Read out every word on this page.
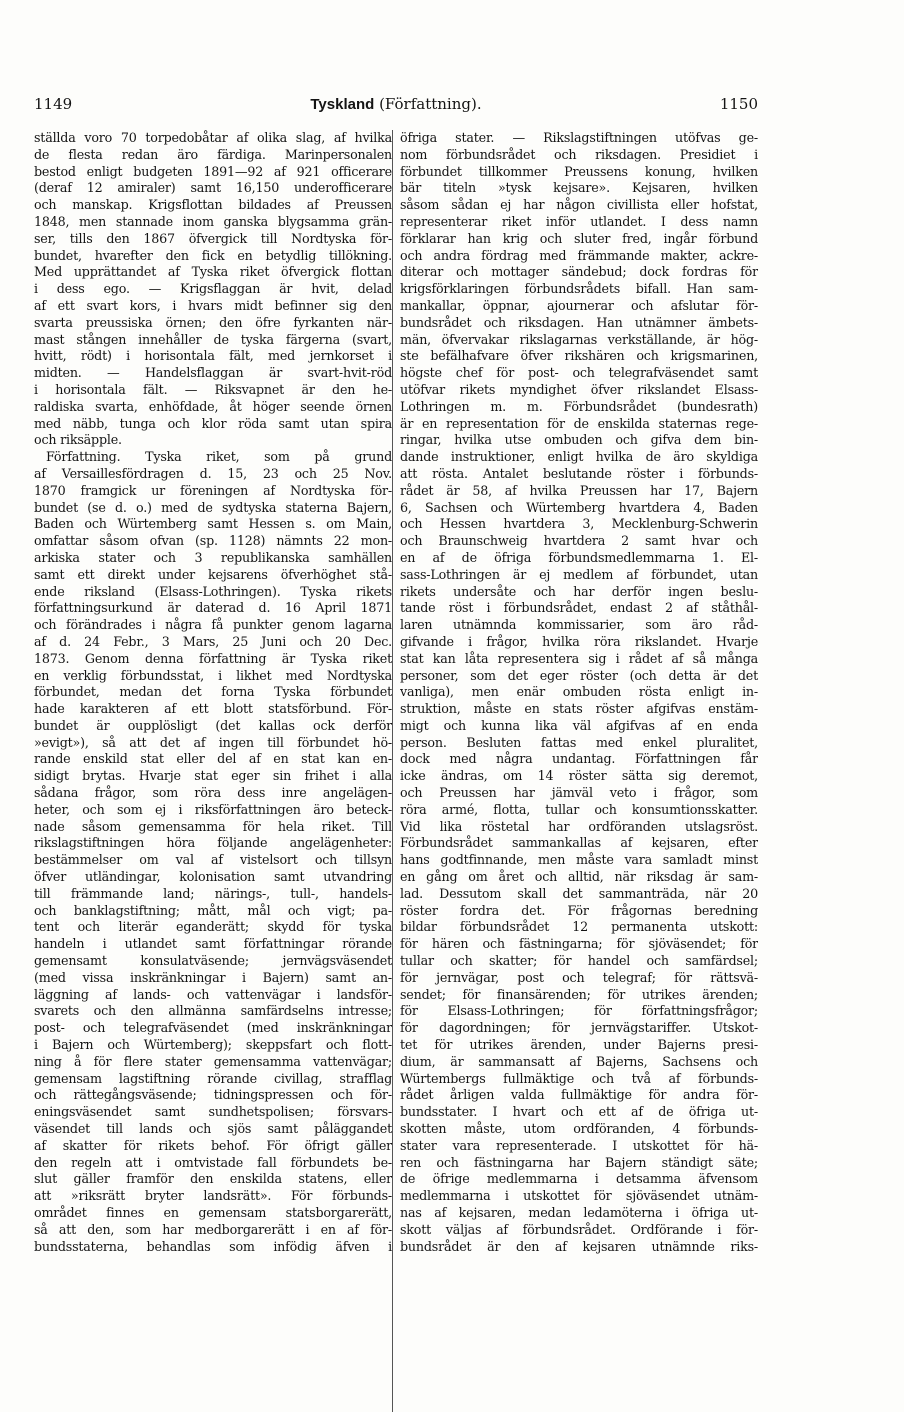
1149	Tyskland (Författning).	1150
ställda voro 70 torpedobåtar af olika slag, af hvilka
de flesta redan äro färdiga. Marinpersonalen
bestod enligt budgeten 1891—92 af 921 officerare
(deraf 12 amiraler) samt 16,150 underofficerare
och manskap. Krigsflottan bildades af Preussen
1848, men stannade inom ganska blygsamma grän-
ser, tills den 1867 öfvergick till Nordtyska för-
bundet, hvarefter den fick en betydlig tillökning.
Med upprättandet af Tyska riket öfvergick flottan
i dess ego. — Krigsflaggan är hvit, delad
af ett svart kors, i hvars midt befinner sig den
svarta preussiska örnen; den öfre fyrkanten när-
mast stången innehåller de tyska färgerna (svart,
hvitt, rödt) i horisontala fält, med jernkorset i
midten. — Handelsflaggan är svart-hvit-röd
i horisontala fält. — Riksvapnet är den he-
raldiska svarta, enhöfdade, åt höger seende örnen
med näbb, tunga och klor röda samt utan spira
och riksäpple.
Författning. Tyska riket, som på grund
af Versaillesfördragen d. 15, 23 och 25 Nov.
1870 framgick ur föreningen af Nordtyska för-
bundet (se d. o.) med de sydtyska staterna Bajern,
Baden och Würtemberg samt Hessen s. om Main,
omfattar såsom ofvan (sp. 1128) nämnts 22 mon-
arkiska stater och 3 republikanska samhällen
samt ett direkt under kejsarens öfverhöghet stå-
ende riksland (Elsass-Lothringen). Tyska rikets
författningsurkund är daterad d. 16 April 1871
och förändrades i några få punkter genom lagarna
af d. 24 Febr., 3 Mars, 25 Juni och 20 Dec.
1873. Genom denna författning är Tyska riket
en verklig förbundsstat, i likhet med Nordtyska
förbundet, medan det forna Tyska förbundet
hade karakteren af ett blott statsförbund. För-
bundet är oupplösligt (det kallas ock derför
»evigt»), så att det af ingen till förbundet hö-
rande enskild stat eller del af en stat kan en-
sidigt brytas. Hvarje stat eger sin frihet i alla
sådana frågor, som röra dess inre angelägen-
heter, och som ej i riksförfattningen äro beteck-
nade såsom gemensamma för hela riket. Till
rikslagstiftningen höra följande angelägenheter:
bestämmelser om val af vistelsort och tillsyn
öfver utländingar, kolonisation samt utvandring
till främmande land; närings-, tull-, handels-
och banklagstiftning; mått, mål och vigt; pa-
tent och literär eganderätt; skydd för tyska
handeln i utlandet samt författningar rörande
gemensamt konsulatväsende; jernvägsväsendet
(med vissa inskränkningar i Bajern) samt an-
läggning af lands- och vattenvägar i landsför-
svarets och den allmänna samfärdselns intresse;
post- och telegrafväsendet (med inskränkningar
i Bajern och Würtemberg); skeppsfart och flott-
ning å för flere stater gemensamma vattenvägar;
gemensam lagstiftning rörande civillag, strafflag
och rättegångsväsende; tidningspressen och för-
eningsväsendet samt sundhetspolisen; försvars-
väsendet till lands och sjös samt påläggandet
af skatter för rikets behof. För öfrigt gäller
den regeln att i omtvistade fall förbundets be-
slut gäller framför den enskilda statens, eller
att »riksrätt bryter landsrätt». För förbunds-
området finnes en gemensam statsborgarerätt,
så att den, som har medborgarerätt i en af för-
bundsstaterna, behandlas som infödig äfven i
öfriga stater. — Rikslagstiftningen utöfvas ge-
nom förbundsrådet och riksdagen. Presidiet i
förbundet tillkommer Preussens konung, hvilken
bär titeln »tysk kejsare». Kejsaren, hvilken
såsom sådan ej har någon civillista eller hofstat,
representerar riket inför utlandet. I dess namn
förklarar han krig och sluter fred, ingår förbund
och andra fördrag med främmande makter, ackre-
diterar och mottager sändebud; dock fordras för
krigsförklaringen förbundsrådets bifall. Han sam-
mankallar, öppnar, ajournerar och afslutar för-
bundsrådet och riksdagen. Han utnämner ämbets-
män, öfvervakar rikslagarnas verkställande, är hög-
ste befälhafvare öfver rikshären och krigsmarinen,
högste chef för post- och telegrafväsendet samt
utöfvar rikets myndighet öfver rikslandet Elsass-
Lothringen m. m. Förbundsrådet (bundesrath)
är en representation för de enskilda staternas rege-
ringar, hvilka utse ombuden och gifva dem bin-
dande instruktioner, enligt hvilka de äro skyldiga
att rösta. Antalet beslutande röster i förbunds-
rådet är 58, af hvilka Preussen har 17, Bajern
6, Sachsen och Würtemberg hvartdera 4, Baden
och Hessen hvartdera 3, Mecklenburg-Schwerin
och Braunschweig hvartdera 2 samt hvar och
en af de öfriga förbundsmedlemmarna 1. El-
sass-Lothringen är ej medlem af förbundet, utan
rikets undersåte och har derför ingen beslu-
tande röst i förbundsrådet, endast 2 af ståthål-
laren utnämnda kommissarier, som äro råd-
gifvande i frågor, hvilka röra rikslandet. Hvarje
stat kan låta representera sig i rådet af så många
personer, som det eger röster (och detta är det
vanliga), men enär ombuden rösta enligt in-
struktion, måste en stats röster afgifvas enstäm-
migt och kunna lika väl afgifvas af en enda
person. Besluten fattas med enkel pluralitet,
dock med några undantag. Författningen får
icke ändras, om 14 röster sätta sig deremot,
och Preussen har jämväl veto i frågor, som
röra armé, flotta, tullar och konsumtionsskatter.
Vid lika röstetal har ordföranden utslagsröst.
Förbundsrådet sammankallas af kejsaren, efter
hans godtfinnande, men måste vara samladt minst
en gång om året och alltid, när riksdag är sam-
lad. Dessutom skall det sammanträda, när 20
röster fordra det. För frågornas beredning
bildar förbundsrådet 12 permanenta utskott:
för hären och fästningarna; för sjöväsendet; för
tullar och skatter; för handel och samfärdsel;
för jernvägar, post och telegraf; för rättsvä-
sendet; för finansärenden; för utrikes ärenden;
för Elsass-Lothringen; för författningsfrågor;
för dagordningen; för jernvägstariffer. Utskot-
tet för utrikes ärenden, under Bajerns presi-
dium, är sammansatt af Bajerns, Sachsens och
Würtembergs fullmäktige och två af förbunds-
rådet årligen valda fullmäktige för andra för-
bundsstater. I hvart och ett af de öfriga ut-
skotten måste, utom ordföranden, 4 förbunds-
stater vara representerade. I utskottet för hä-
ren och fästningarna har Bajern ständigt säte;
de öfrige medlemmarna i detsamma äfvensom
medlemmarna i utskottet för sjöväsendet utnäm-
nas af kejsaren, medan ledamöterna i öfriga ut-
skott väljas af förbundsrådet. Ordförande i för-
bundsrådet är den af kejsaren utnämnde riks-
